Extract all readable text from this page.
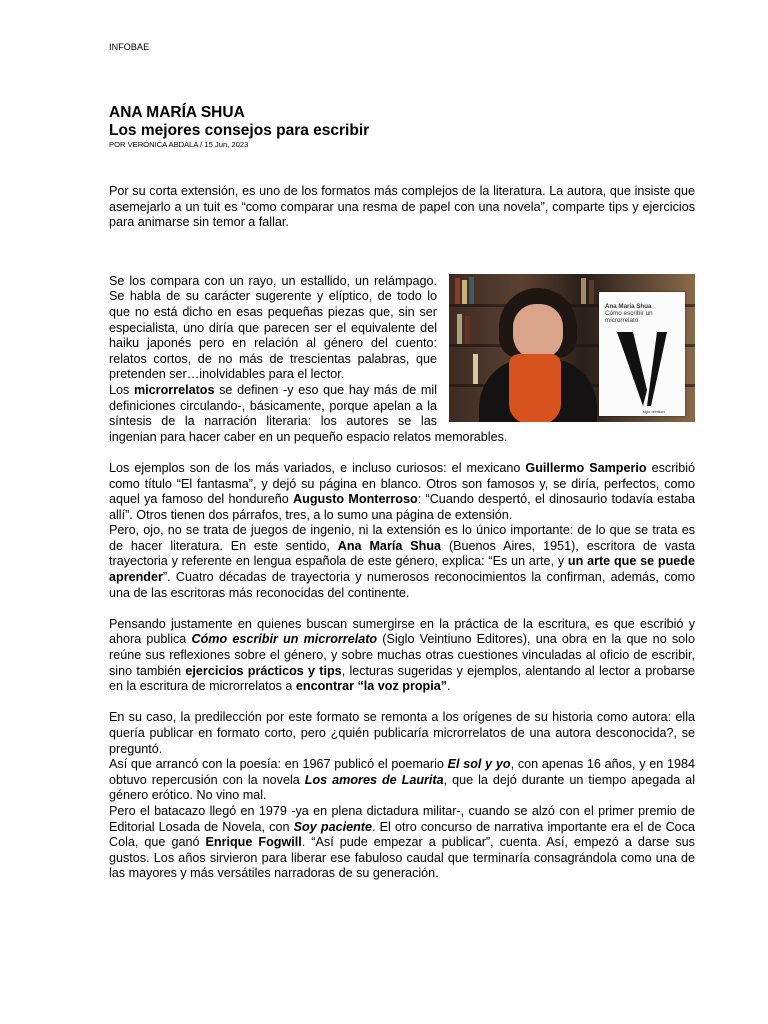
INFOBAE
ANA MARÍA SHUA
Los mejores consejos para escribir

POR VERÓNICA ABDALA / 15 Jun, 2023

Por su corta extensión, es uno de los formatos más complejos de la literatura. La autora, que insiste que asemejarlo a un tuit es “como comparar una resma de papel con una novela”, comparte tips y ejercicios para animarse sin temor a fallar.

Ana María Shua
Cómo escribir un microrrelato
siglo veintiuno

Se los compara con un rayo, un estallido, un relámpago. Se habla de su carácter sugerente y elíptico, de todo lo que no está dicho en esas pequeñas piezas que, sin ser especialista, uno diría que parecen ser el equivalente del haiku japonés pero en relación al género del cuento: relatos cortos, de no más de trescientas palabras, que pretenden ser…inolvidables para el lector.

Los microrrelatos se definen -y eso que hay más de mil definiciones circulando-, básicamente, porque apelan a la síntesis de la narración literaria: los autores se las ingenian para hacer caber en un pequeño espacio relatos memorables.

Los ejemplos son de los más variados, e incluso curiosos: el mexicano Guillermo Samperio escribió como título “El fantasma”, y dejó su página en blanco. Otros son famosos y, se diría, perfectos, como aquel ya famoso del hondureño Augusto Monterroso: “Cuando despertó, el dinosaurio todavía estaba allí”. Otros tienen dos párrafos, tres, a lo sumo una página de extensión.

Pero, ojo, no se trata de juegos de ingenio, ni la extensión es lo único importante: de lo que se trata es de hacer literatura. En este sentido, Ana María Shua (Buenos Aires, 1951), escritora de vasta trayectoria y referente en lengua española de este género, explica: “Es un arte, y un arte que se puede aprender”. Cuatro décadas de trayectoria y numerosos reconocimientos la confirman, además, como una de las escritoras más reconocidas del continente.

Pensando justamente en quienes buscan sumergirse en la práctica de la escritura, es que escribió y ahora publica Cómo escribir un microrrelato (Siglo Veintiuno Editores), una obra en la que no solo reúne sus reflexiones sobre el género, y sobre muchas otras cuestiones vinculadas al oficio de escribir, sino también ejercicios prácticos y tips, lecturas sugeridas y ejemplos, alentando al lector a probarse en la escritura de microrrelatos a encontrar “la voz propia”.

En su caso, la predilección por este formato se remonta a los orígenes de su historia como autora: ella quería publicar en formato corto, pero ¿quién publicaría microrrelatos de una autora desconocida?, se preguntó.

Así que arrancó con la poesía: en 1967 publicó el poemario El sol y yo, con apenas 16 años, y en 1984 obtuvo repercusión con la novela Los amores de Laurita, que la dejó durante un tiempo apegada al género erótico. No vino mal.

Pero el batacazo llegó en 1979 -ya en plena dictadura militar-, cuando se alzó con el primer premio de Editorial Losada de Novela, con Soy paciente. El otro concurso de narrativa importante era el de Coca Cola, que ganó Enrique Fogwill. “Así pude empezar a publicar”, cuenta. Así, empezó a darse sus gustos. Los años sirvieron para liberar ese fabuloso caudal que terminaría consagrándola como una de las mayores y más versátiles narradoras de su generación.
